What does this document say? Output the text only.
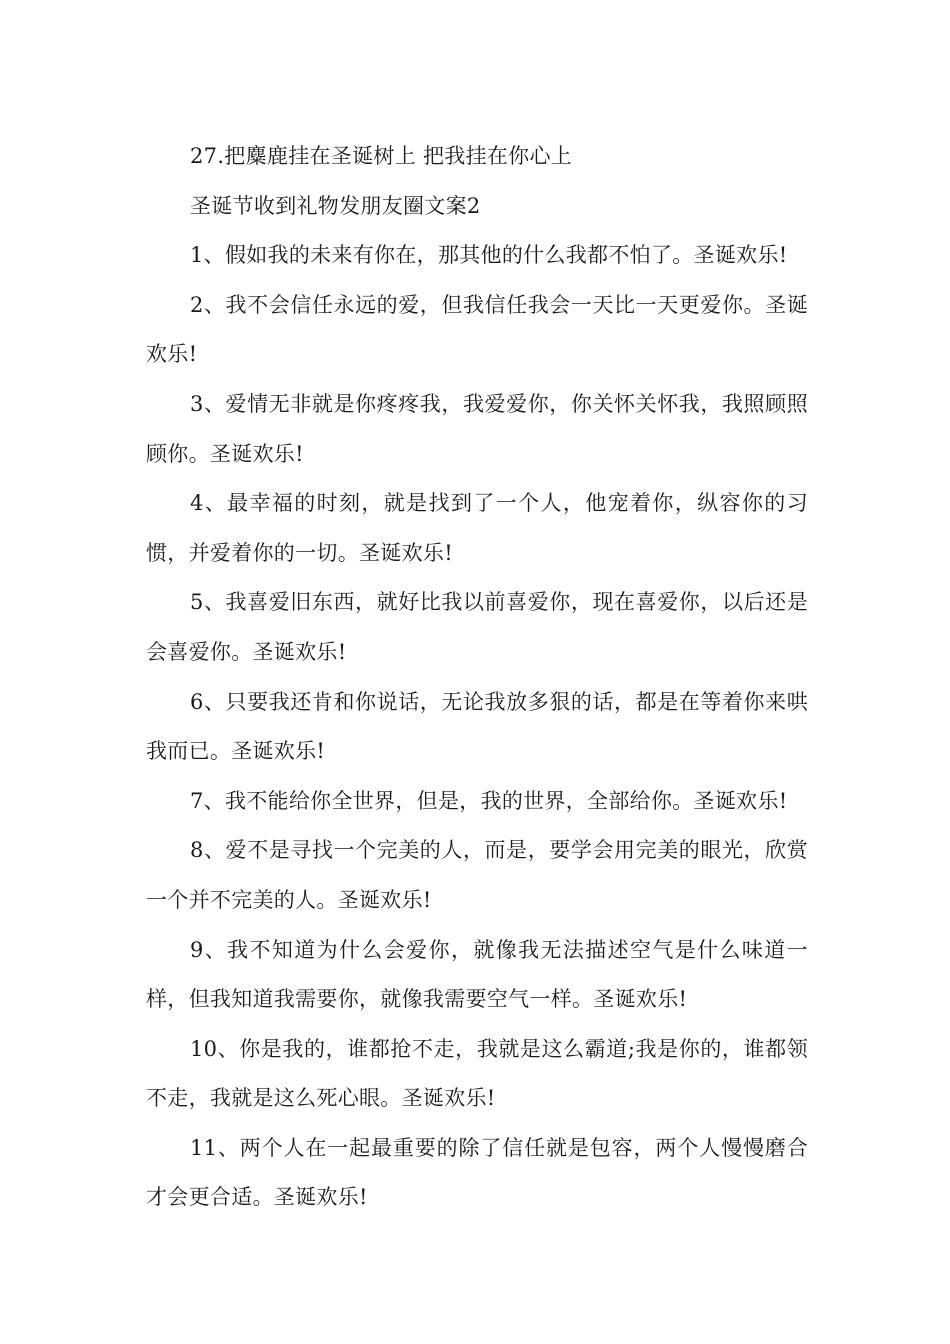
27.把麋鹿挂在圣诞树上 把我挂在你心上

圣诞节收到礼物发朋友圈文案2

1、假如我的未来有你在，那其他的什么我都不怕了。圣诞欢乐!

2、我不会信任永远的爱，但我信任我会一天比一天更爱你。圣诞欢乐!

3、爱情无非就是你疼疼我，我爱爱你，你关怀关怀我，我照顾照顾你。圣诞欢乐!

4、最幸福的时刻，就是找到了一个人，他宠着你，纵容你的习惯，并爱着你的一切。圣诞欢乐!

5、我喜爱旧东西，就好比我以前喜爱你，现在喜爱你，以后还是会喜爱你。圣诞欢乐!

6、只要我还肯和你说话，无论我放多狠的话，都是在等着你来哄我而已。圣诞欢乐!

7、我不能给你全世界，但是，我的世界，全部给你。圣诞欢乐!

8、爱不是寻找一个完美的人，而是，要学会用完美的眼光，欣赏一个并不完美的人。圣诞欢乐!

9、我不知道为什么会爱你，就像我无法描述空气是什么味道一样，但我知道我需要你，就像我需要空气一样。圣诞欢乐!

10、你是我的，谁都抢不走，我就是这么霸道;我是你的，谁都领不走，我就是这么死心眼。圣诞欢乐!

11、两个人在一起最重要的除了信任就是包容，两个人慢慢磨合才会更合适。圣诞欢乐!
